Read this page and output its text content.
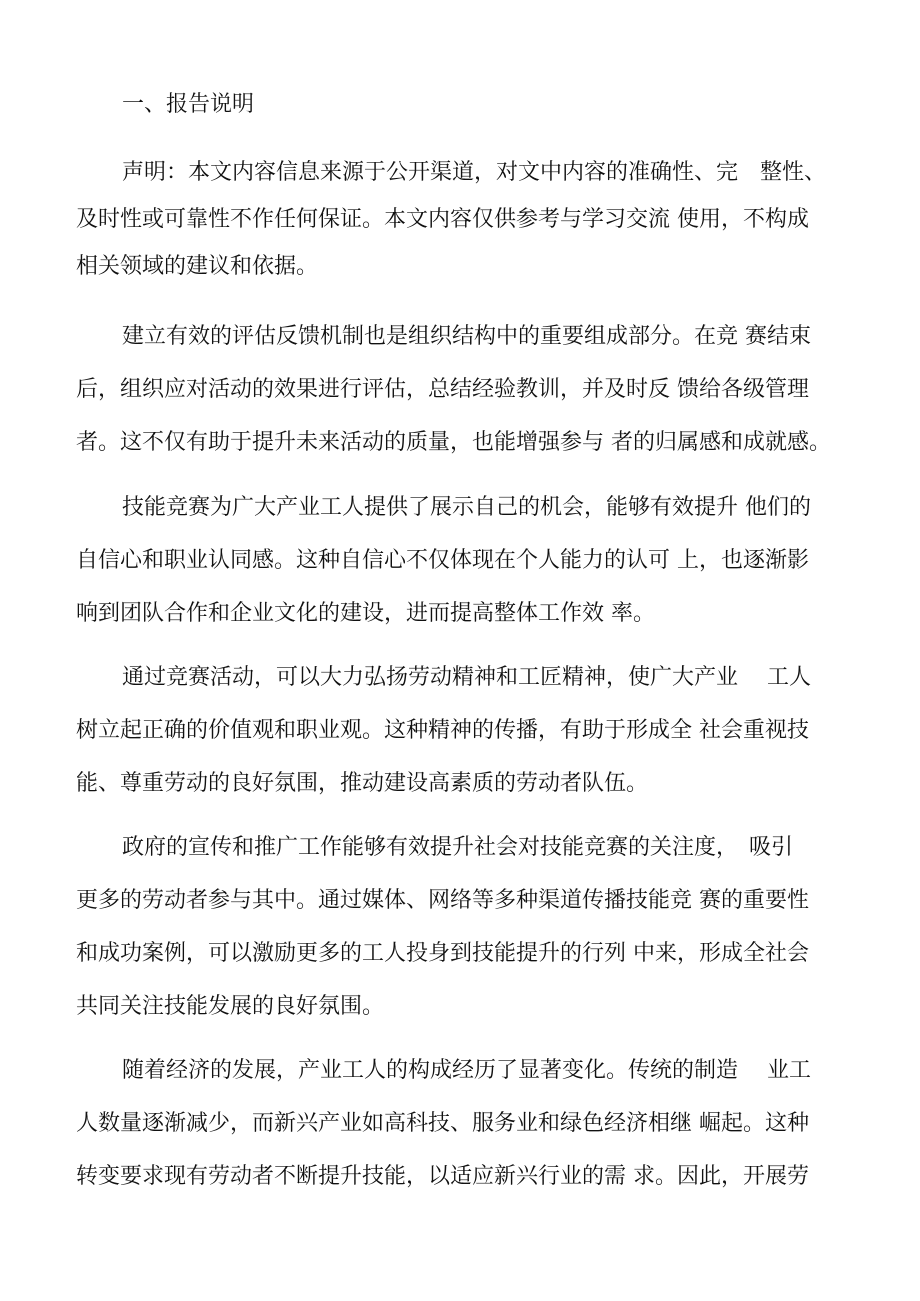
一、报告说明
声明：本文内容信息来源于公开渠道，对文中内容的准确性、完　整性、
及时性或可靠性不作任何保证。本文内容仅供参考与学习交流 使用，不构成
相关领域的建议和依据。
建立有效的评估反馈机制也是组织结构中的重要组成部分。在竞 赛结束
后，组织应对活动的效果进行评估，总结经验教训，并及时反 馈给各级管理
者。这不仅有助于提升未来活动的质量，也能增强参与 者的归属感和成就感。
技能竞赛为广大产业工人提供了展示自己的机会，能够有效提升 他们的
自信心和职业认同感。这种自信心不仅体现在个人能力的认可 上，也逐渐影
响到团队合作和企业文化的建设，进而提高整体工作效 率。
通过竞赛活动，可以大力弘扬劳动精神和工匠精神，使广大产业　 工人
树立起正确的价值观和职业观。这种精神的传播，有助于形成全 社会重视技
能、尊重劳动的良好氛围，推动建设高素质的劳动者队伍。
政府的宣传和推广工作能够有效提升社会对技能竞赛的关注度，　吸引
更多的劳动者参与其中。通过媒体、网络等多种渠道传播技能竞 赛的重要性
和成功案例，可以激励更多的工人投身到技能提升的行列 中来，形成全社会
共同关注技能发展的良好氛围。
随着经济的发展，产业工人的构成经历了显著变化。传统的制造　 业工
人数量逐渐减少，而新兴产业如高科技、服务业和绿色经济相继 崛起。这种
转变要求现有劳动者不断提升技能，以适应新兴行业的需 求。因此，开展劳
